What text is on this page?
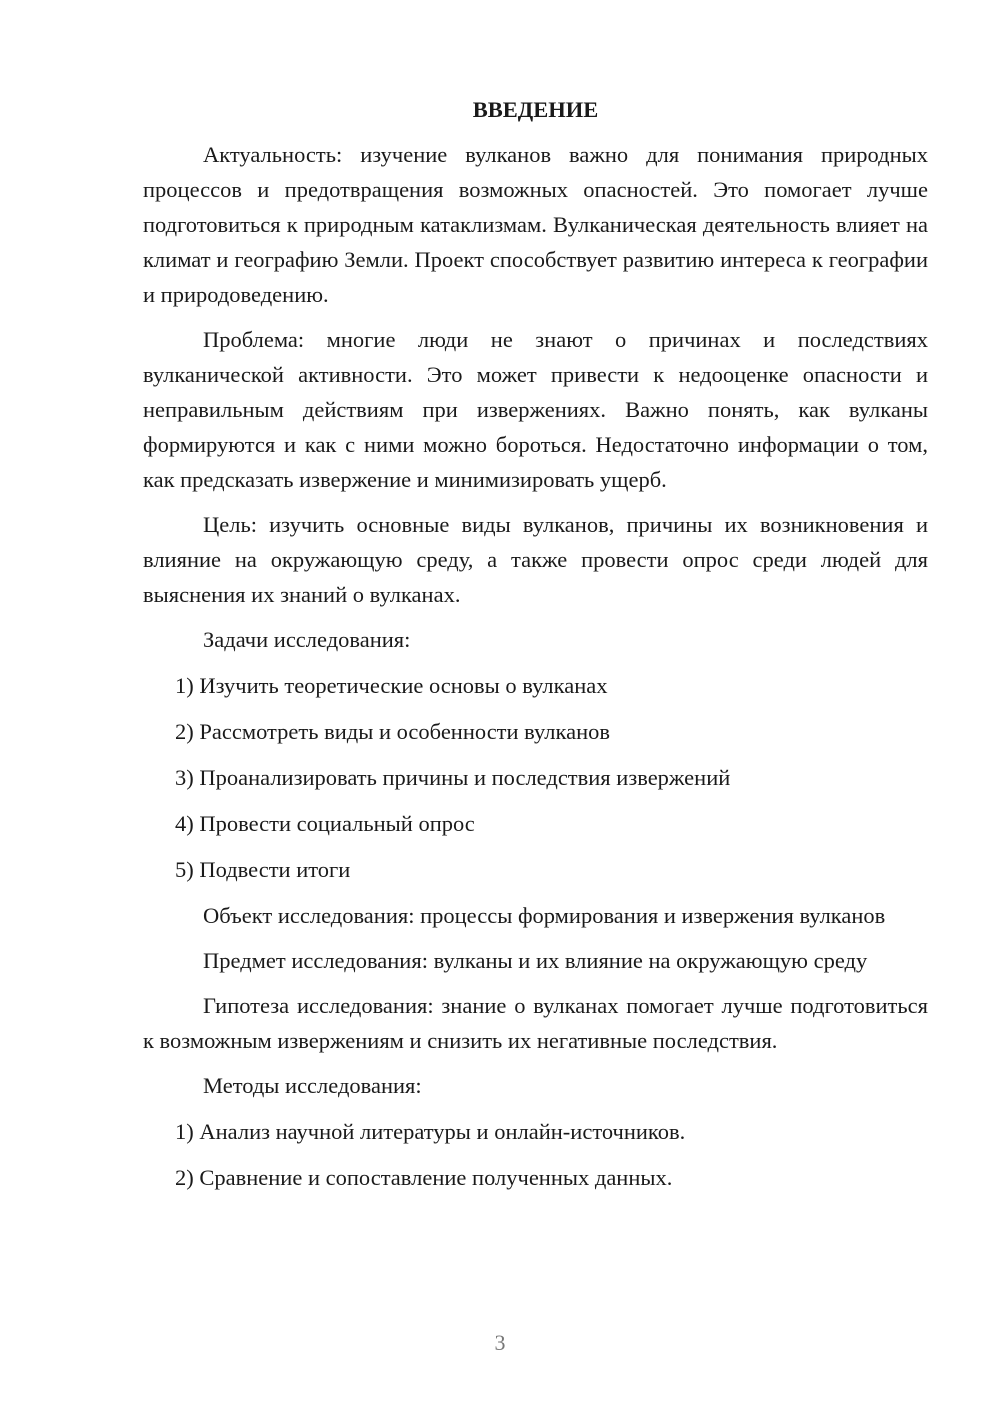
ВВЕДЕНИЕ

Актуальность: изучение вулканов важно для понимания природных процессов и предотвращения возможных опасностей. Это помогает лучше подготовиться к природным катаклизмам. Вулканическая деятельность влияет на климат и географию Земли. Проект способствует развитию интереса к географии и природоведению.

Проблема: многие люди не знают о причинах и последствиях вулканической активности. Это может привести к недооценке опасности и неправильным действиям при извержениях. Важно понять, как вулканы формируются и как с ними можно бороться. Недостаточно информации о том, как предсказать извержение и минимизировать ущерб.

Цель: изучить основные виды вулканов, причины их возникновения и влияние на окружающую среду, а также провести опрос среди людей для выяснения их знаний о вулканах.

Задачи исследования:
1) Изучить теоретические основы о вулканах
2) Рассмотреть виды и особенности вулканов
3) Проанализировать причины и последствия извержений
4) Провести социальный опрос
5) Подвести итоги

Объект исследования: процессы формирования и извержения вулканов

Предмет исследования: вулканы и их влияние на окружающую среду

Гипотеза исследования: знание о вулканах помогает лучше подготовиться к возможным извержениям и снизить их негативные последствия.

Методы исследования:
1) Анализ научной литературы и онлайн-источников.
2) Сравнение и сопоставление полученных данных.
3
